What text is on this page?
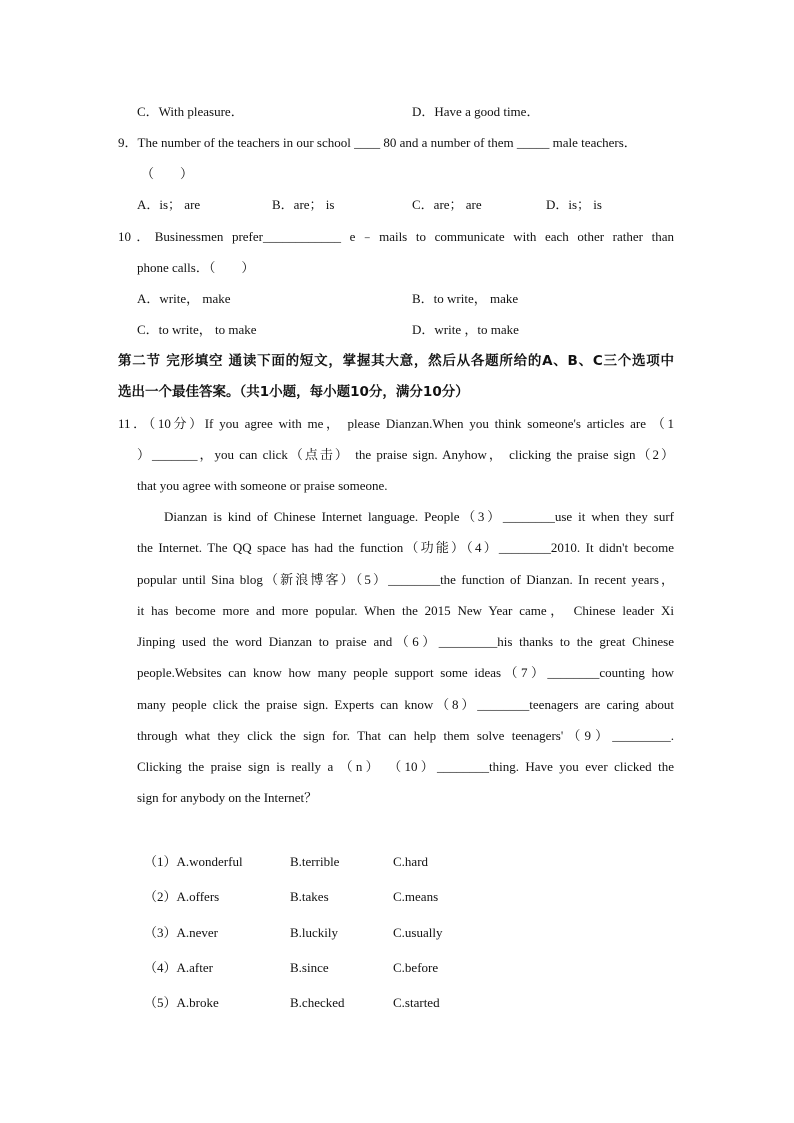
C．With pleasure．	D．Have a good time．
9．The number of the teachers in our school ____ 80 and a number of them _____ male teachers．
（　　）
A．is； are	B．are； is	C．are； are	D．is； is
10．Businessmen prefer____________ e﹣mails to communicate with each other rather than
phone calls．（　　）
A．write， make	B．to write， make
C．to write， to make	D．write ，to make
第二节 完形填空 通读下面的短文，掌握其大意，然后从各题所给的A、B、C三个选项中
选出一个最佳答案。（共1小题，每小题10分，满分10分）
11．（10分）If you agree with me， please Dianzan.When you think someone's articles are （1
）_______，you can click（点击） the praise sign. Anyhow， clicking the praise sign（2）
that you agree with someone or praise someone.
Dianzan is kind of Chinese Internet language. People（3）________use it when they surf
the Internet. The QQ space has had the function（功能）（4）________2010. It didn't become
popular until Sina blog（新浪博客）（5）________the function of Dianzan. In recent years，
it has become more and more popular. When the 2015 New Year came， Chinese leader Xi
Jinping used the word Dianzan to praise and（6）_________his thanks to the great Chinese
people.Websites can know how many people support some ideas（7）________counting how
many people click the praise sign. Experts can know（8）________teenagers are caring about
through what they click the sign for. That can help them solve teenagers'（9）_________.
Clicking the praise sign is really a （n） （10）________thing. Have you ever clicked the
sign for anybody on the Internet？
（1）A.wonderful	B.terrible	C.hard
（2）A.offers	B.takes	C.means
（3）A.never	B.luckily	C.usually
（4）A.after	B.since	C.before
（5）A.broke	B.checked	C.started
